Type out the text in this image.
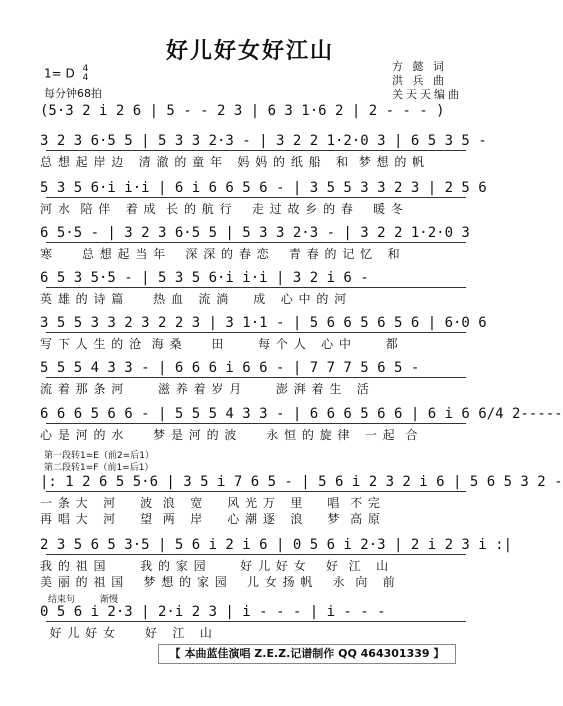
好儿好女好江山
方 懿 词
洪 兵 曲
关天天编曲
1= D 4
4
每分钟68拍
(5·3 2 i 2 6 | 5 - - 2 3 | 6 3 1·6 2 | 2 - - - )
3 2 3 6·5 5 | 5 3 3 2·3 - | 3 2 2 1·2·0 3 | 6 5 3 5 -
总 想 起 岸 边   清 澈 的 童 年   妈 妈 的 纸 船   和  梦 想 的 帆
5 3 5 6·i i·i | 6 i 6 6 5 6 - | 3 5 5 3 3 2 3 | 2 5 6
河 水  陪 伴   着 成  长 的 航 行    走 过 故 乡 的 春    暖 冬
6 5·5 - | 3 2 3 6·5 5 | 5 3 3 2·3 - | 3 2 2 1·2·0 3
寒      总 想 起 当 年    深 深 的 春 恋    青 春 的 记 忆   和
6 5 3 5·5 - | 5 3 5 6·i i·i | 3 2 i 6 -
英 雄 的 诗 篇      热 血   流 淌     成   心 中 的 河
3 5 5 3 3 2 3 2 2 3 | 3 1·1 - | 5 6 6 5 6 5 6 | 6·0 6
写 下 人 生 的 沧  海 桑      田       每 个 人   心 中       都
5 5 5 4 3 3 - | 6 6 6 i 6 6 - | 7 7 7 5 6 5 -
流 着 那 条 河       滋 养 着 岁 月       澎 湃 着 生   活
6 6 6 5 6 6 - | 5 5 5 4 3 3 - | 6 6 6 5 6 6 | 6 i 6 6/4 2-----
心 是 河 的 水      梦 是 河 的 波      永 恒 的 旋 律   一 起  合
第一段转1=E（前2=后1）
第二段转1=F（前1=后1）
|: 1 2 6 5 5·6 | 3 5 i 7 6 5 - | 5 6 i 2 3 2 i 6 | 5 6 5 3 2 -
一 条 大   河     波  浪   宽     风 光 万   里     唱  不 完
再 唱 大   河     望  两   岸     心 潮 逐   浪     梦  高 原
2 3 5 6 5 3·5 | 5 6 i 2 i 6 | 0 5 6 i 2·3 | 2 i 2 3 i :|
我 的 祖 国       我 的 家 园       好 儿 好 女    好  江   山
美 丽 的 祖 国    梦 想 的 家 园    儿 女 扬 帆    永  向   前
结束句	渐慢
0 5 6 i 2·3 | 2·i 2 3 | i - - - | i - - -
好 儿 好 女      好   江   山
【 本曲蓝佳演唱 Z.E.Z.记谱制作 QQ 464301339 】
